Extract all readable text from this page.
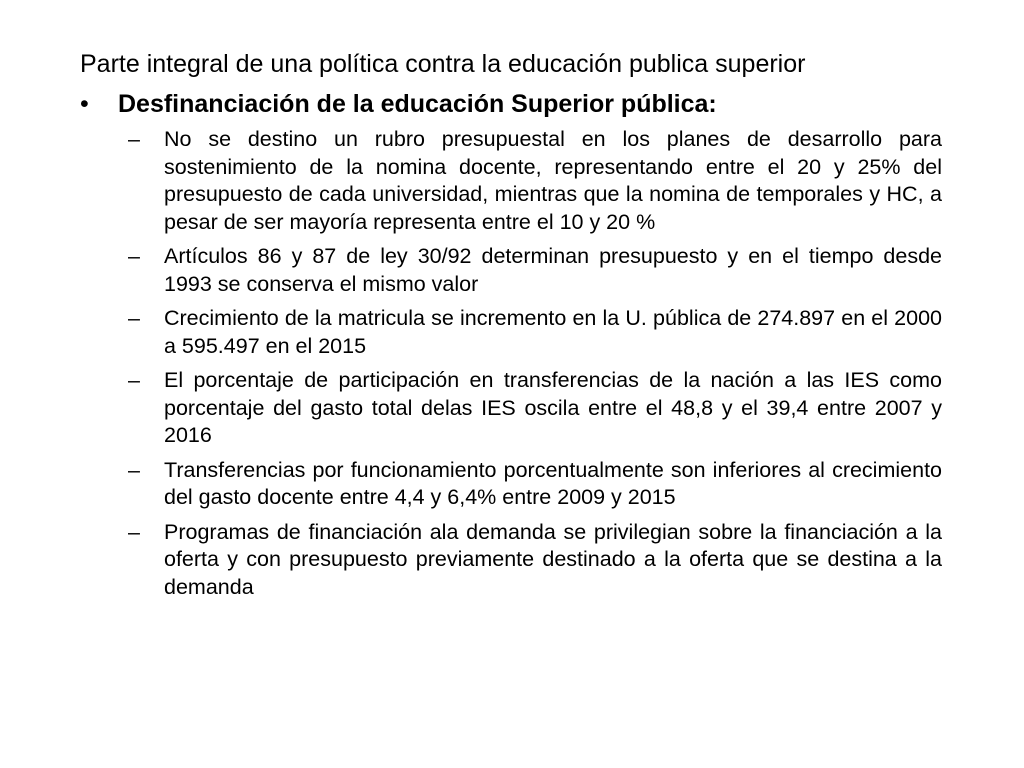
Parte integral de una política contra la educación publica superior
• Desfinanciación de la educación Superior pública:
– No se destino un rubro presupuestal en los planes de desarrollo para sostenimiento de la nomina docente, representando entre el 20 y 25% del presupuesto de cada universidad, mientras que la nomina de temporales y HC, a pesar de ser mayoría representa entre el 10 y 20 %
– Artículos 86 y 87 de ley 30/92 determinan presupuesto y en el tiempo desde 1993 se conserva el mismo valor
– Crecimiento de la matricula se incremento en la U. pública de 274.897 en el 2000 a 595.497 en el 2015
– El porcentaje de participación en transferencias de la nación a las IES como porcentaje del gasto total delas IES oscila entre el 48,8 y el 39,4 entre 2007 y 2016
– Transferencias por funcionamiento porcentualmente son inferiores al crecimiento del gasto docente entre 4,4 y 6,4% entre 2009 y 2015
– Programas de financiación ala demanda se privilegian sobre la financiación a la oferta y con presupuesto previamente destinado a la oferta que se destina a la demanda
